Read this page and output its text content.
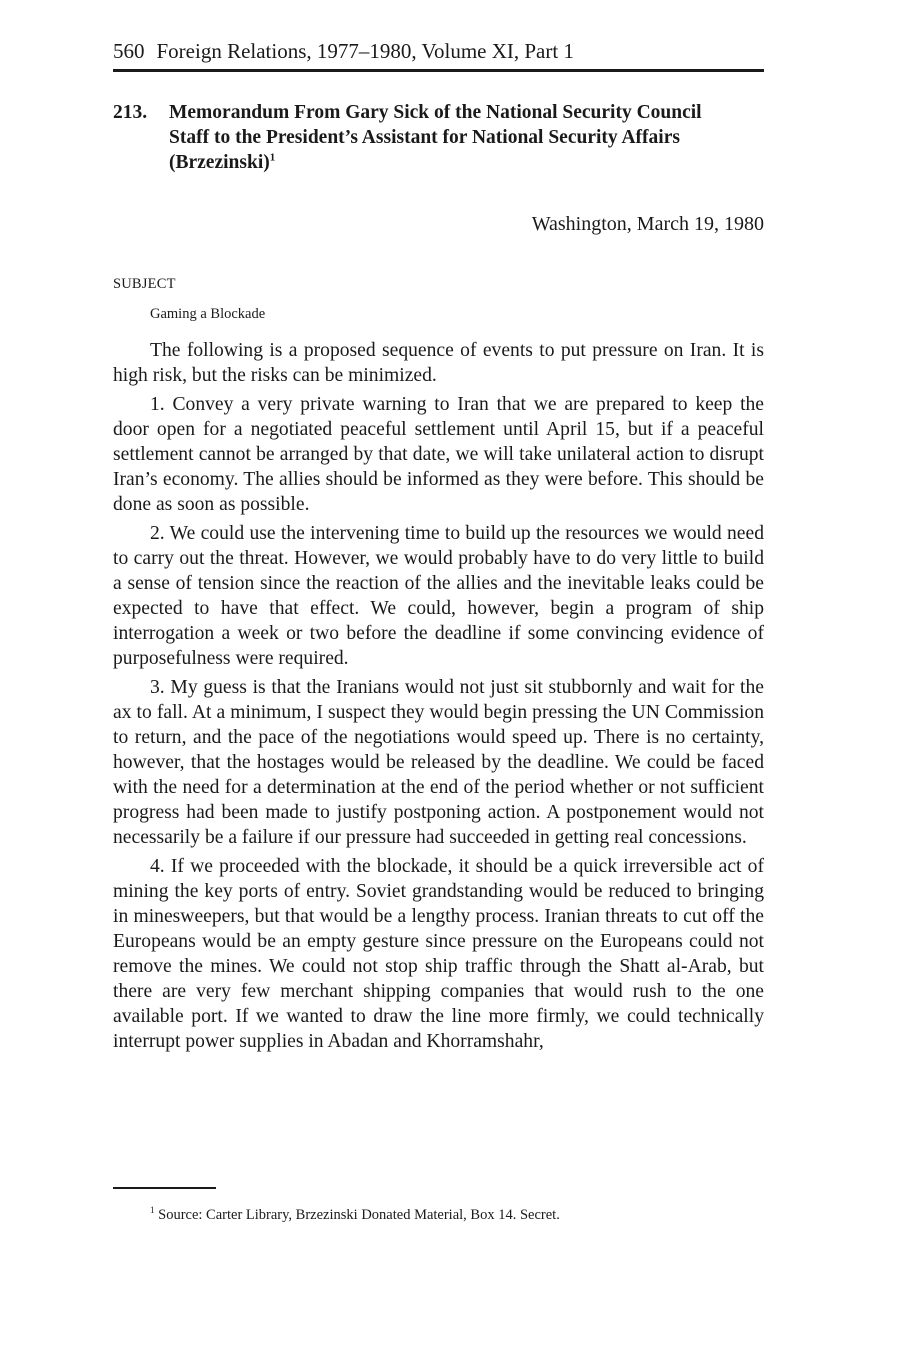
560 Foreign Relations, 1977–1980, Volume XI, Part 1
213. Memorandum From Gary Sick of the National Security Council Staff to the President’s Assistant for National Security Affairs (Brzezinski)$^1$
Washington, March 19, 1980
SUBJECT
Gaming a Blockade

The following is a proposed sequence of events to put pressure on Iran. It is high risk, but the risks can be minimized.

1. Convey a very private warning to Iran that we are prepared to keep the door open for a negotiated peaceful settlement until April 15, but if a peaceful settlement cannot be arranged by that date, we will take unilateral action to disrupt Iran’s economy. The allies should be informed as they were before. This should be done as soon as possible.

2. We could use the intervening time to build up the resources we would need to carry out the threat. However, we would probably have to do very little to build a sense of tension since the reaction of the allies and the inevitable leaks could be expected to have that effect. We could, however, begin a program of ship interrogation a week or two before the deadline if some convincing evidence of purposefulness were required.

3. My guess is that the Iranians would not just sit stubbornly and wait for the ax to fall. At a minimum, I suspect they would begin pressing the UN Commission to return, and the pace of the negotiations would speed up. There is no certainty, however, that the hostages would be released by the deadline. We could be faced with the need for a determination at the end of the period whether or not sufficient progress had been made to justify postponing action. A postponement would not necessarily be a failure if our pressure had succeeded in getting real concessions.

4. If we proceeded with the blockade, it should be a quick irreversible act of mining the key ports of entry. Soviet grandstanding would be reduced to bringing in minesweepers, but that would be a lengthy process. Iranian threats to cut off the Europeans would be an empty gesture since pressure on the Europeans could not remove the mines. We could not stop ship traffic through the Shatt al-Arab, but there are very few merchant shipping companies that would rush to the one available port. If we wanted to draw the line more firmly, we could technically interrupt power supplies in Abadan and Khorramshahr,

$^1$ Source: Carter Library, Brzezinski Donated Material, Box 14. Secret.
